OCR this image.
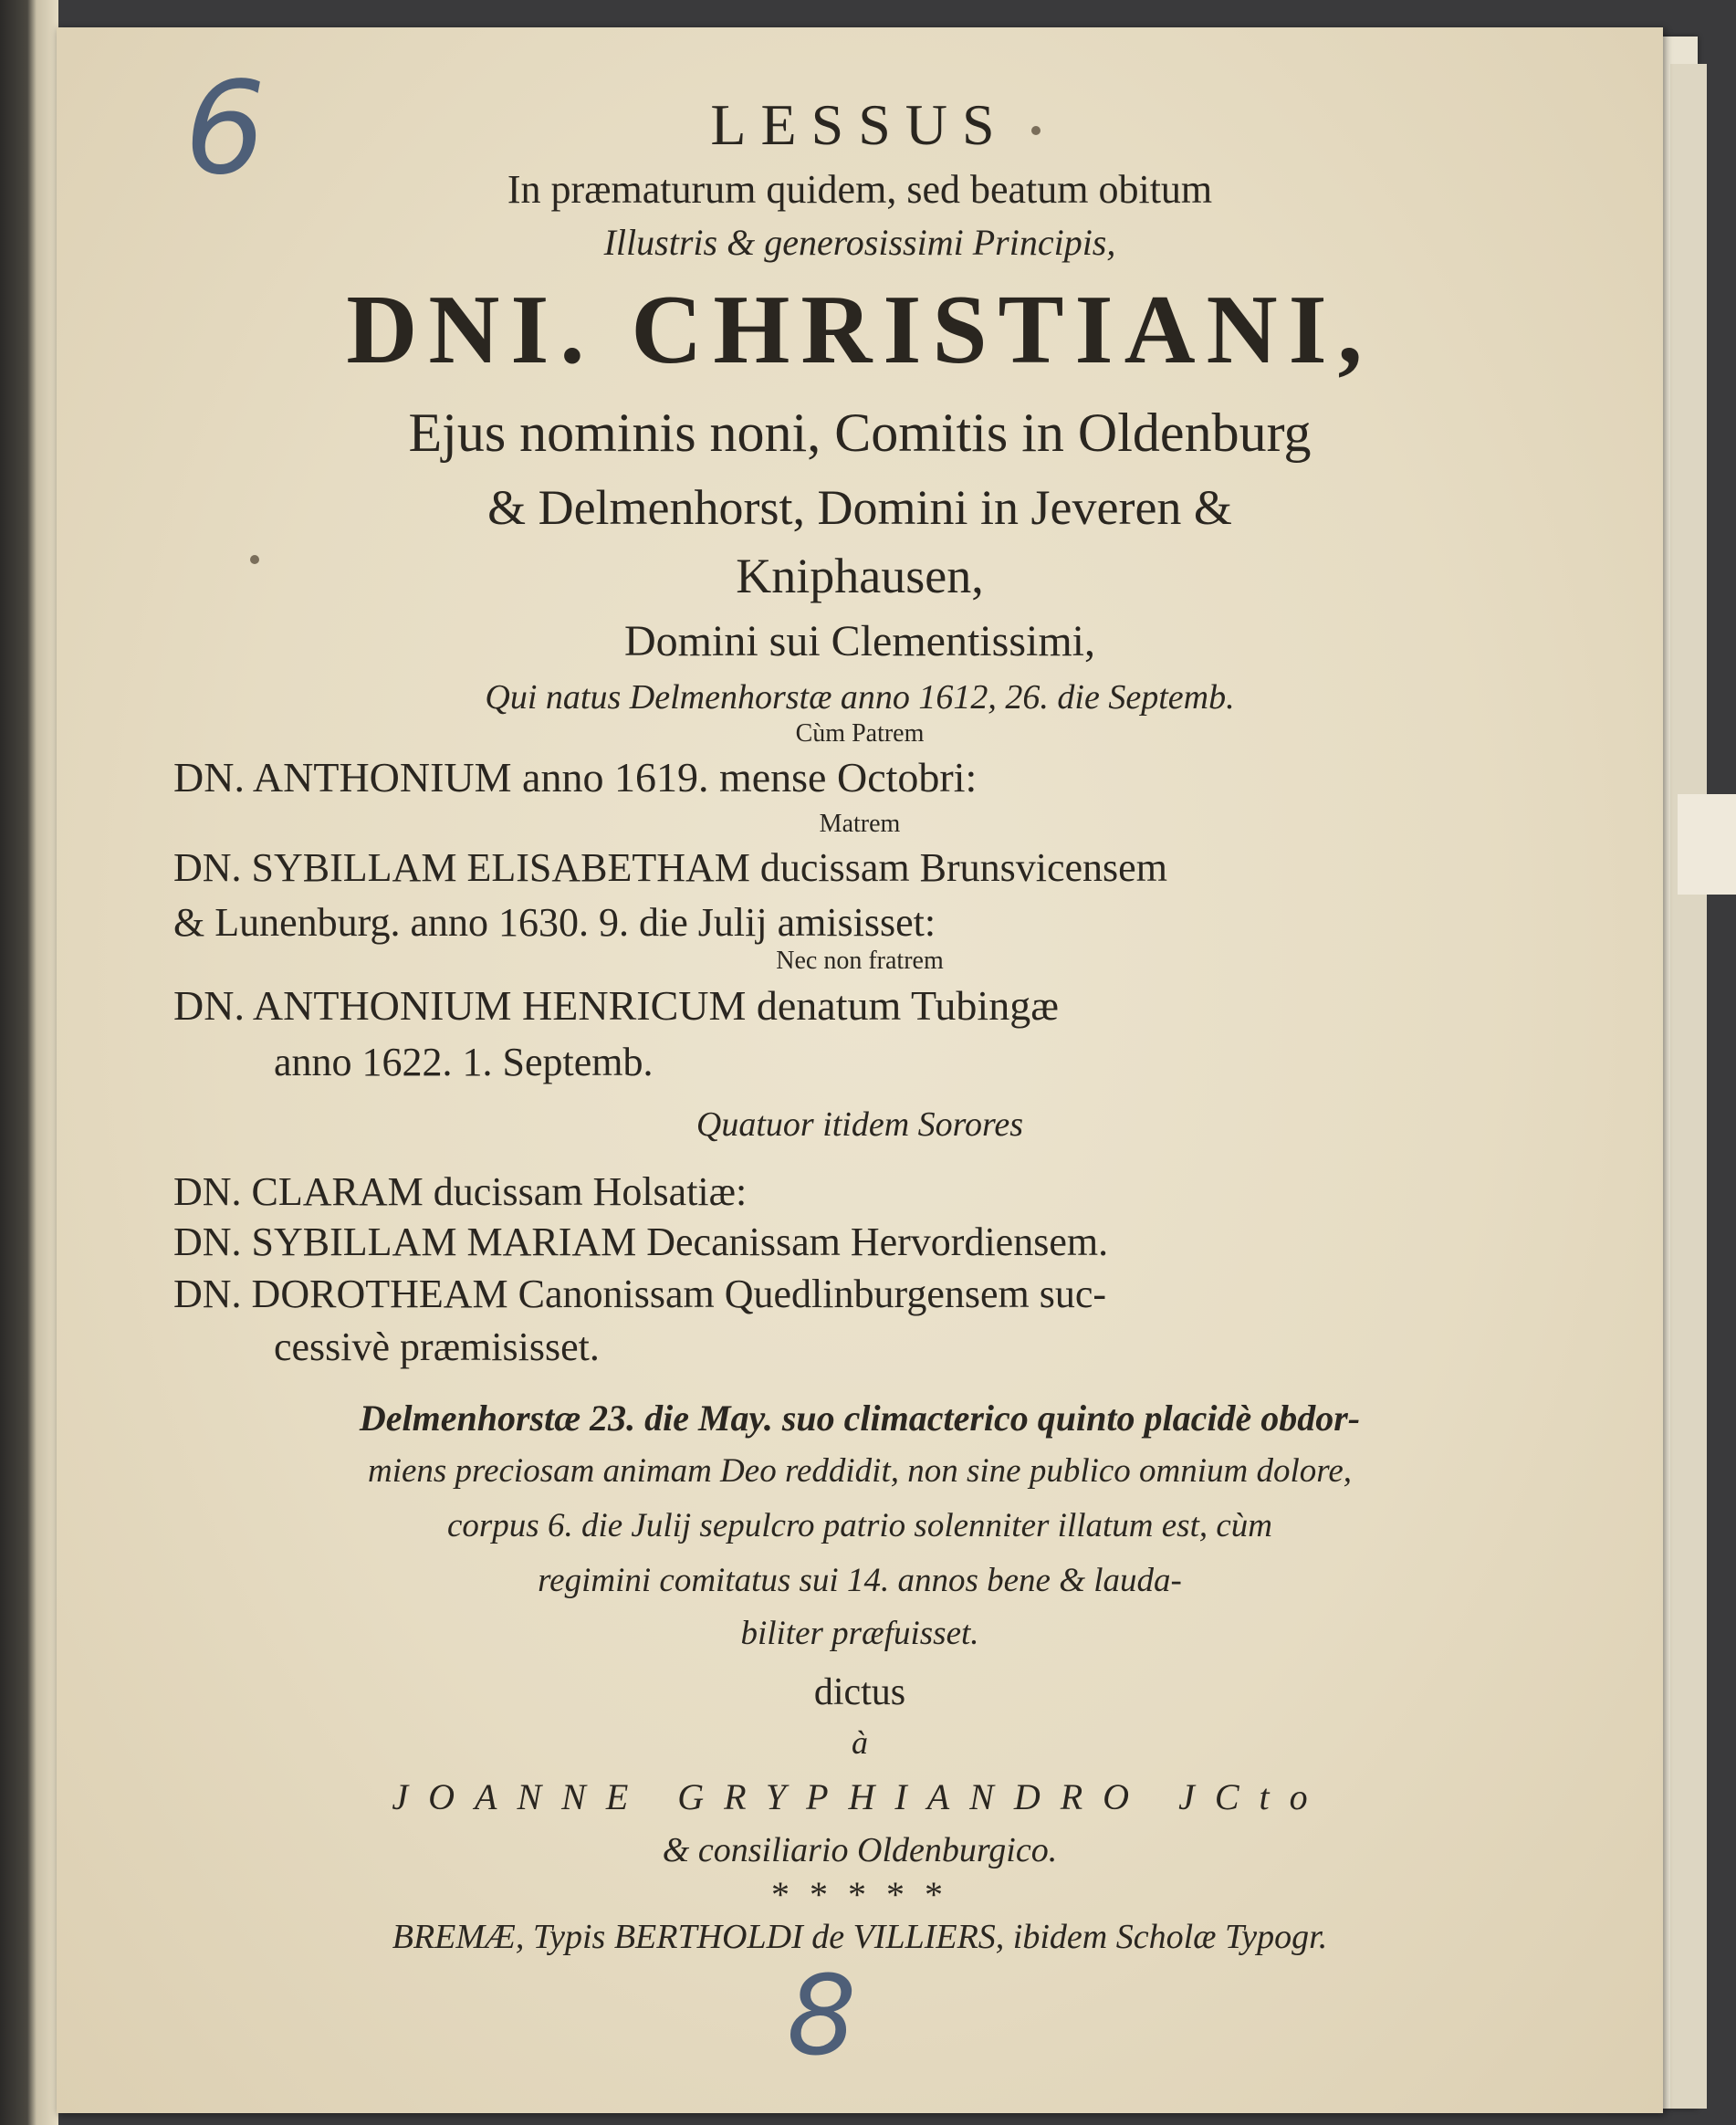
6	LESSUS
In præmaturum quidem, sed beatum obitum
Illustris & generosissimi Principis,
DNI. CHRISTIANI,
Ejus nominis noni, Comitis in Oldenburg
& Delmenhorst, Domini in Jeveren &
Kniphausen,
Domini sui Clementissimi,
Qui natus Delmenhorstæ anno 1612, 26. die Septemb.
Cùm Patrem
DN. ANTHONIUM anno 1619. mense Octobri:
Matrem
DN. SYBILLAM ELISABETHAM ducissam Brunsvicensem
& Lunenburg. anno 1630. 9. die Julij amisisset:
Nec non fratrem
DN. ANTHONIUM HENRICUM denatum Tubingæ
anno 1622. 1. Septemb.
Quatuor itidem Sorores
DN. CLARAM ducissam Holsatiæ:
DN. SYBILLAM MARIAM Decanissam Hervordiensem.
DN. DOROTHEAM Canonissam Quedlinburgensem suc-
cessivè præmisisset.
Delmenhorstæ 23. die May. suo climacterico quinto placidè obdor-
miens preciosam animam Deo reddidit, non sine publico omnium dolore,
corpus 6. die Julij sepulcro patrio solenniter illatum est, cùm
regimini comitatus sui 14. annos bene & lauda-
biliter præfuisset.
dictus
à
JOANNE GRYPHIANDRO JCto
& consiliario Oldenburgico.
* * * * *
BREMÆ, Typis BERTHOLDI de VILLIERS, ibidem Scholæ Typogr.
8
